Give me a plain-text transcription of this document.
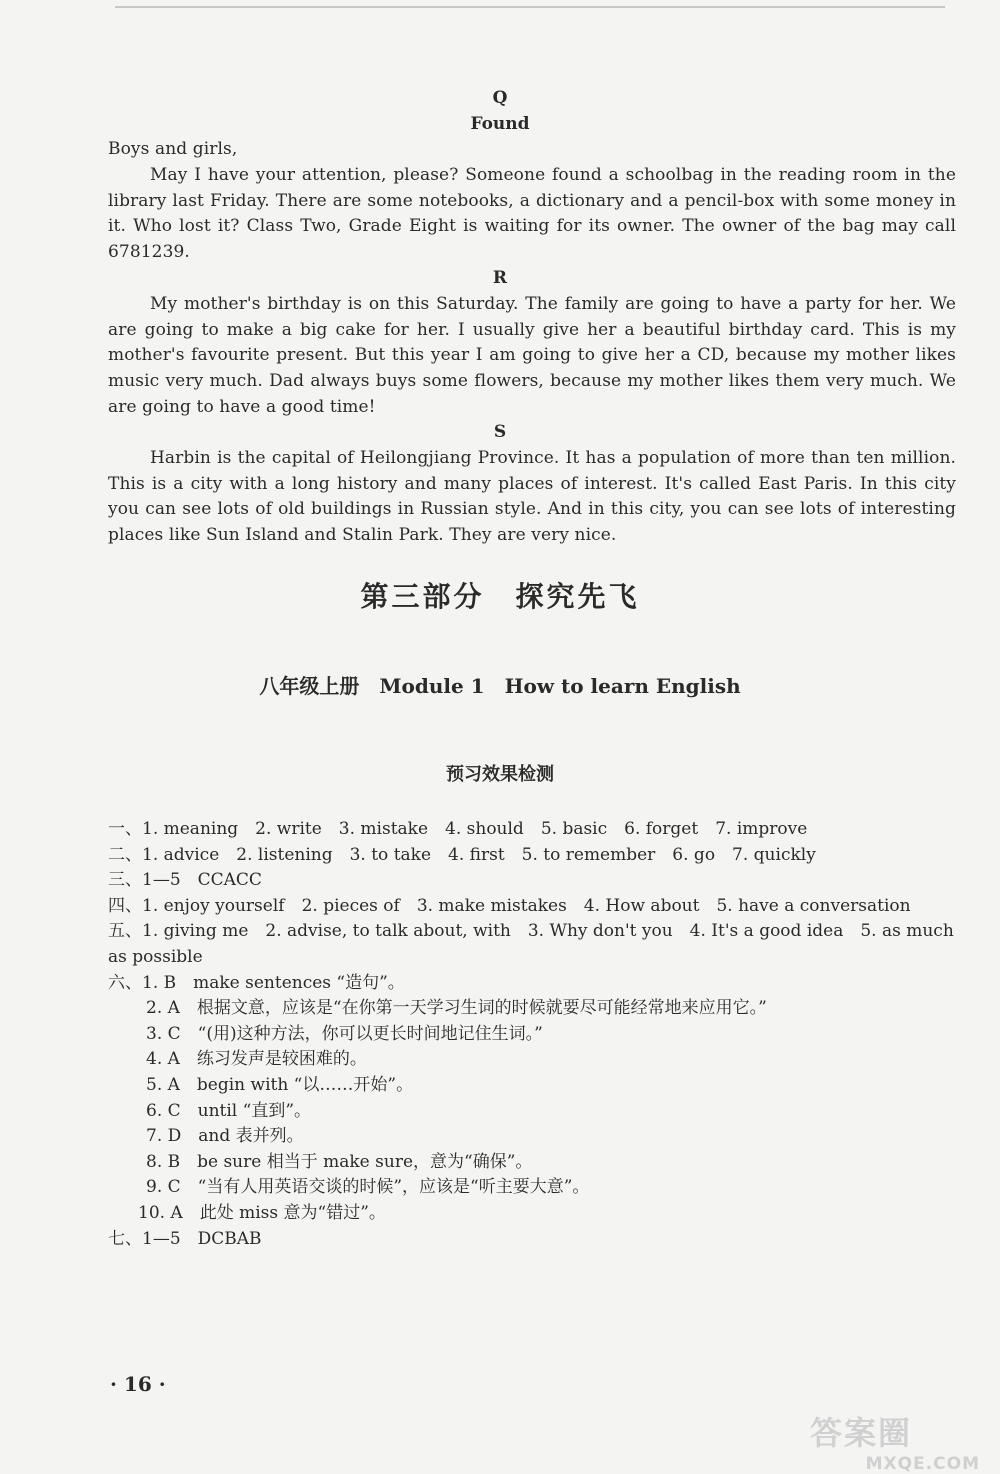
Q
Found
Boys and girls,
May I have your attention, please? Someone found a schoolbag in the reading room in the library last Friday. There are some notebooks, a dictionary and a pencil-box with some money in it. Who lost it? Class Two, Grade Eight is waiting for its owner. The owner of the bag may call 6781239.
R
My mother's birthday is on this Saturday. The family are going to have a party for her. We are going to make a big cake for her. I usually give her a beautiful birthday card. This is my mother's favourite present. But this year I am going to give her a CD, because my mother likes music very much. Dad always buys some flowers, because my mother likes them very much. We are going to have a good time!
S
Harbin is the capital of Heilongjiang Province. It has a population of more than ten million. This is a city with a long history and many places of interest. It's called East Paris. In this city you can see lots of old buildings in Russian style. And in this city, you can see lots of interesting places like Sun Island and Stalin Park. They are very nice.
第三部分　探究先飞
八年级上册　Module 1　How to learn English
预习效果检测
一、1. meaning　2. write　3. mistake　4. should　5. basic　6. forget　7. improve
二、1. advice　2. listening　3. to take　4. first　5. to remember　6. go　7. quickly
三、1—5　CCACC
四、1. enjoy yourself　2. pieces of　3. make mistakes　4. How about　5. have a conversation
五、1. giving me　2. advise, to talk about, with　3. Why don't you　4. It's a good idea　5. as much as possible
六、1. B　make sentences “造句”。
2. A　根据文意，应该是“在你第一天学习生词的时候就要尽可能经常地来应用它。”
3. C　“(用)这种方法，你可以更长时间地记住生词。”
4. A　练习发声是较困难的。
5. A　begin with “以……开始”。
6. C　until “直到”。
7. D　and 表并列。
8. B　be sure 相当于 make sure，意为“确保”。
9. C　“当有人用英语交谈的时候”，应该是“听主要大意”。
10. A　此处 miss 意为“错过”。
七、1—5　DCBAB
· 16 ·
答案圈
MXQE.COM
